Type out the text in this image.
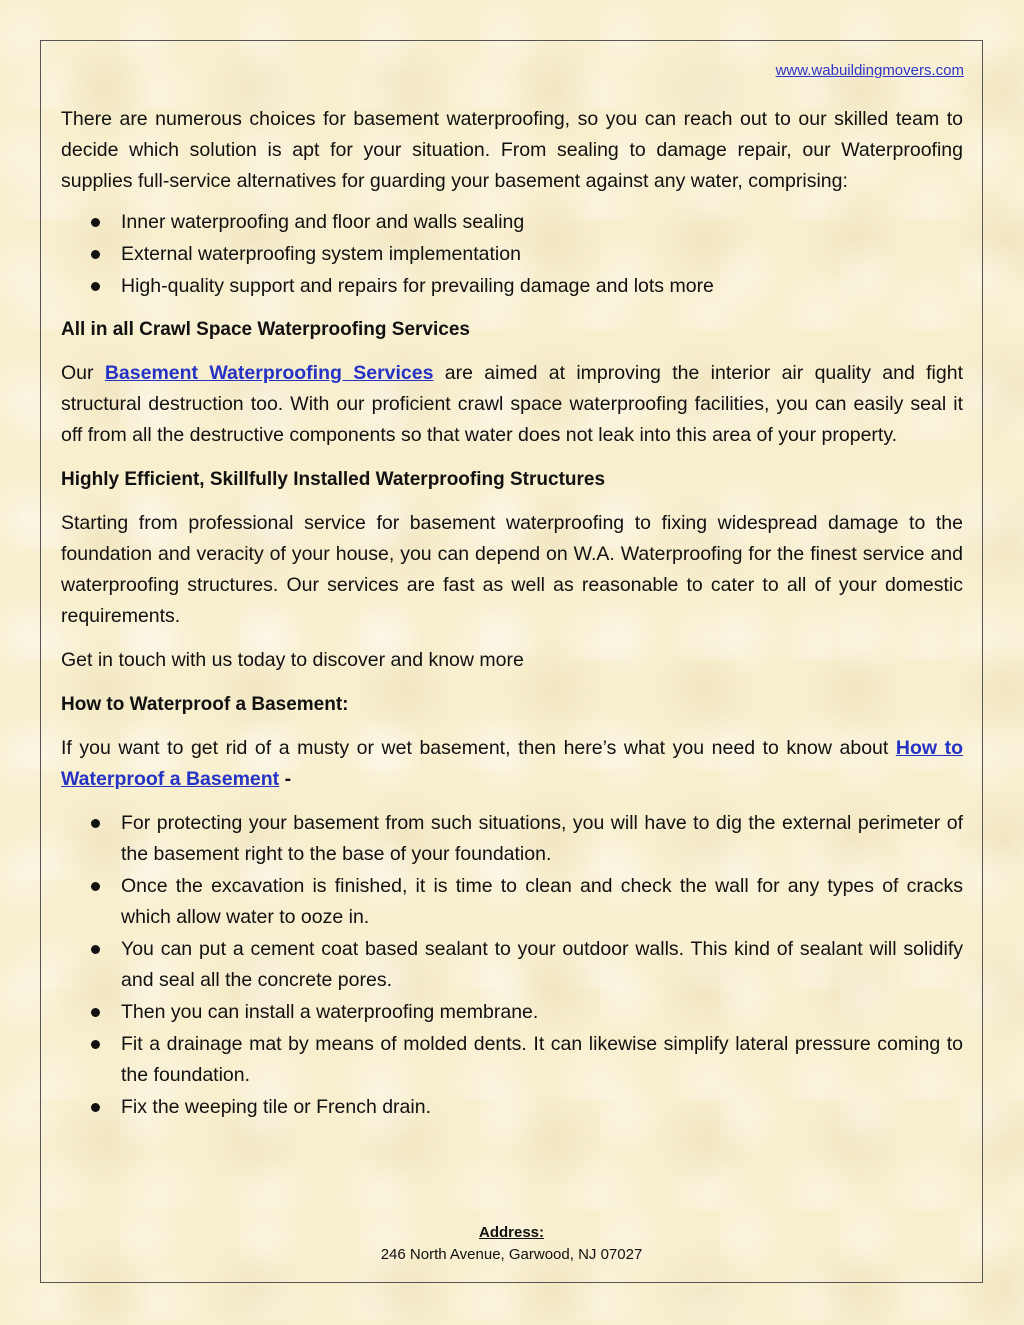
www.wabuildingmovers.com

There are numerous choices for basement waterproofing, so you can reach out to our skilled team to decide which solution is apt for your situation. From sealing to damage repair, our Waterproofing supplies full-service alternatives for guarding your basement against any water, comprising:

Inner waterproofing and floor and walls sealing
External waterproofing system implementation
High-quality support and repairs for prevailing damage and lots more
All in all Crawl Space Waterproofing Services

Our Basement Waterproofing Services are aimed at improving the interior air quality and fight structural destruction too. With our proficient crawl space waterproofing facilities, you can easily seal it off from all the destructive components so that water does not leak into this area of your property.

Highly Efficient, Skillfully Installed Waterproofing Structures

Starting from professional service for basement waterproofing to fixing widespread damage to the foundation and veracity of your house, you can depend on W.A. Waterproofing for the finest service and waterproofing structures. Our services are fast as well as reasonable to cater to all of your domestic requirements.

Get in touch with us today to discover and know more

How to Waterproof a Basement:

If you want to get rid of a musty or wet basement, then here’s what you need to know about How to Waterproof a Basement -

For protecting your basement from such situations, you will have to dig the external perimeter of the basement right to the base of your foundation.
Once the excavation is finished, it is time to clean and check the wall for any types of cracks which allow water to ooze in.
You can put a cement coat based sealant to your outdoor walls. This kind of sealant will solidify and seal all the concrete pores.
Then you can install a waterproofing membrane.
Fit a drainage mat by means of molded dents. It can likewise simplify lateral pressure coming to the foundation.
Fix the weeping tile or French drain.
Address:
246 North Avenue, Garwood, NJ 07027
